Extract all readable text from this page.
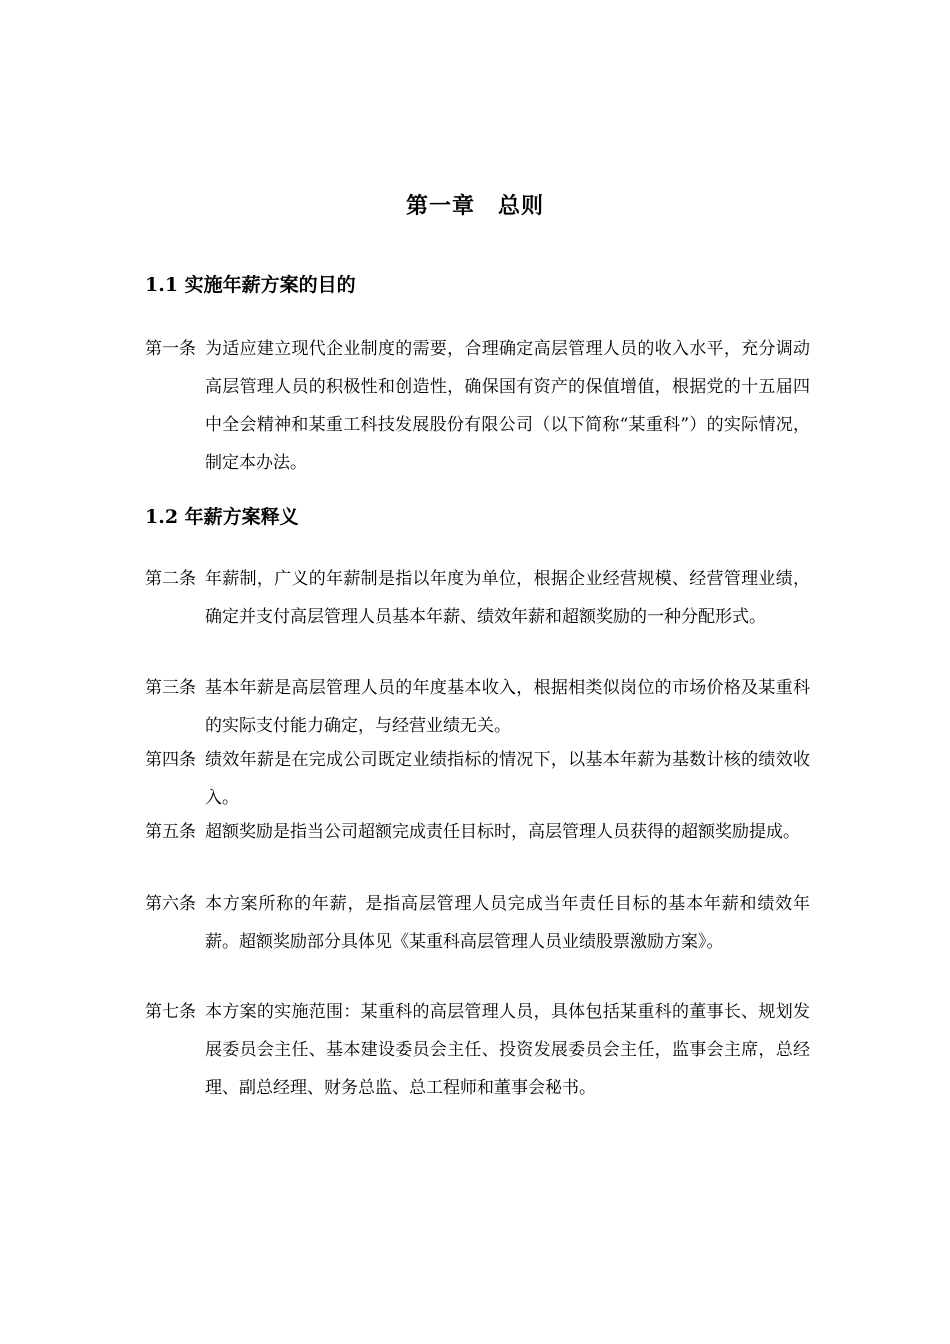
第一章　总则
1.1 实施年薪方案的目的
第一条 为适应建立现代企业制度的需要，合理确定高层管理人员的收入水平，充分调动高层管理人员的积极性和创造性，确保国有资产的保值增值，根据党的十五届四中全会精神和某重工科技发展股份有限公司（以下简称“某重科”）的实际情况，制定本办法。
1.2 年薪方案释义
第二条 年薪制，广义的年薪制是指以年度为单位，根据企业经营规模、经营管理业绩，确定并支付高层管理人员基本年薪、绩效年薪和超额奖励的一种分配形式。
第三条 基本年薪是高层管理人员的年度基本收入，根据相类似岗位的市场价格及某重科的实际支付能力确定，与经营业绩无关。
第四条 绩效年薪是在完成公司既定业绩指标的情况下，以基本年薪为基数计核的绩效收入。
第五条 超额奖励是指当公司超额完成责任目标时，高层管理人员获得的超额奖励提成。
第六条 本方案所称的年薪，是指高层管理人员完成当年责任目标的基本年薪和绩效年薪。超额奖励部分具体见《某重科高层管理人员业绩股票激励方案》。
第七条 本方案的实施范围：某重科的高层管理人员，具体包括某重科的董事长、规划发展委员会主任、基本建设委员会主任、投资发展委员会主任，监事会主席，总经理、副总经理、财务总监、总工程师和董事会秘书。
